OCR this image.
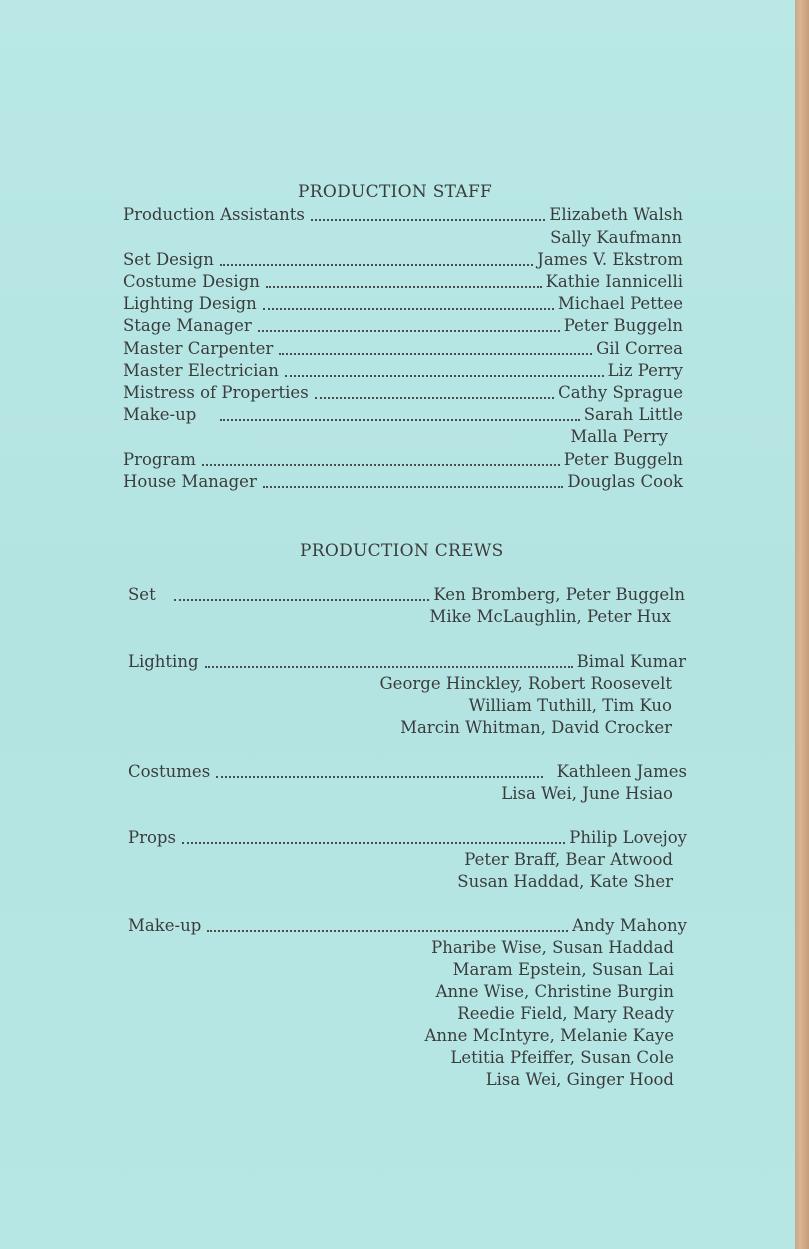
PRODUCTION STAFF
Production Assistants	Elizabeth Walsh
Sally Kaufmann
Set Design	James V. Ekstrom
Costume Design	Kathie Iannicelli
Lighting Design	Michael Pettee
Stage Manager	Peter Buggeln
Master Carpenter	Gil Correa
Master Electrician	Liz Perry
Mistress of Properties	Cathy Sprague
Make-up	Sarah Little
Malla Perry
Program	Peter Buggeln
House Manager	Douglas Cook
PRODUCTION CREWS
Set	Ken Bromberg, Peter Buggeln
Mike McLaughlin, Peter Hux
Lighting	Bimal Kumar
George Hinckley, Robert Roosevelt
William Tuthill, Tim Kuo
Marcin Whitman, David Crocker
Costumes	Kathleen James
Lisa Wei, June Hsiao
Props	Philip Lovejoy
Peter Braff, Bear Atwood
Susan Haddad, Kate Sher
Make-up	Andy Mahony
Pharibe Wise, Susan Haddad
Maram Epstein, Susan Lai
Anne Wise, Christine Burgin
Reedie Field, Mary Ready
Anne McIntyre, Melanie Kaye
Letitia Pfeiffer, Susan Cole
Lisa Wei, Ginger Hood
